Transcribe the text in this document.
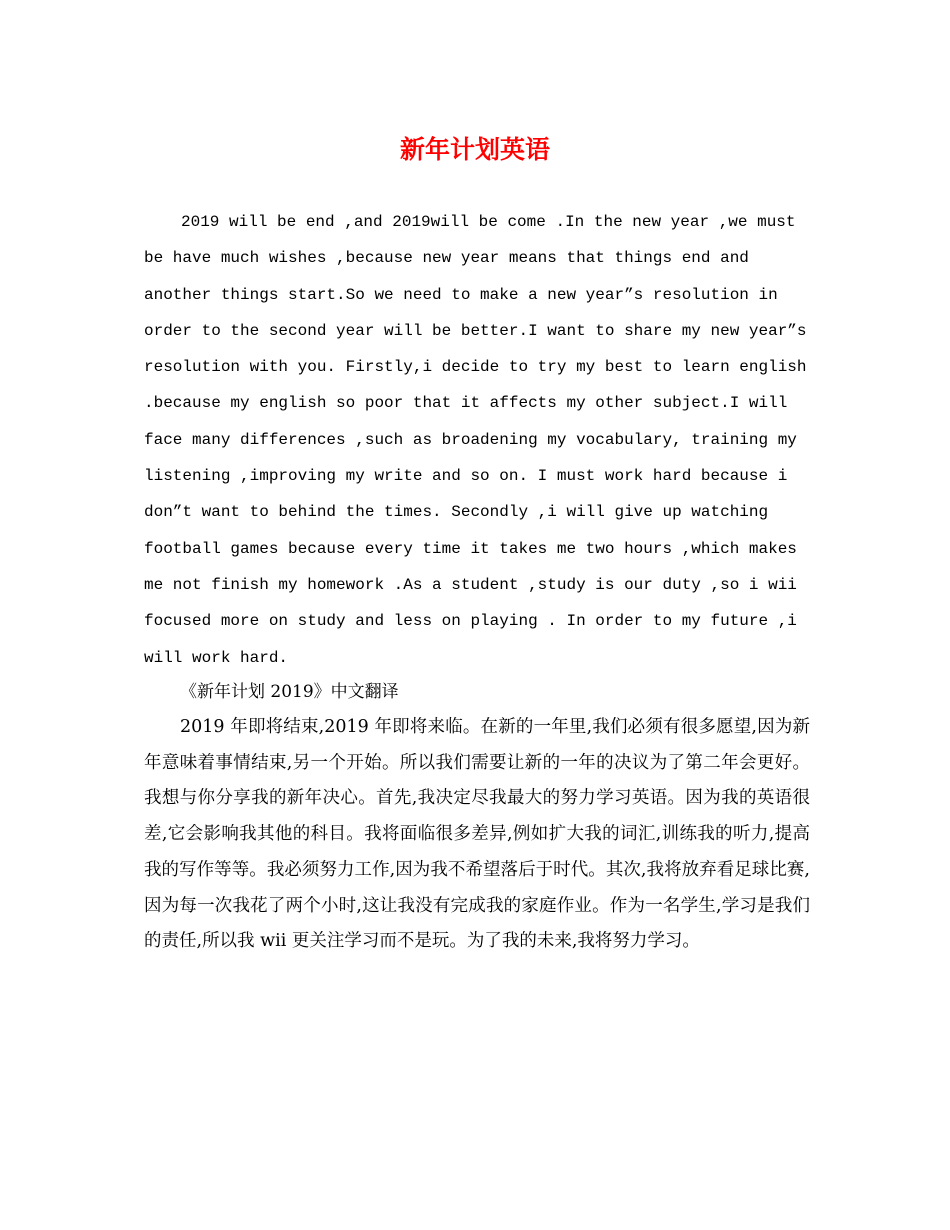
新年计划英语

2019 will be end ,and 2019will be come .In the new year ,we must be have much wishes ,because new year means that things end and another things start.So we need to make a new year”s resolution in order to the second year will be better.I want to share my new year”s resolution with you. Firstly,i decide to try my best to learn english .because my english so poor that it affects my other subject.I will face many differences ,such as broadening my vocabulary, training my listening ,improving my write and so on. I must work hard because i don”t want to behind the times. Secondly ,i will give up watching football games because every time it takes me two hours ,which makes me not finish my homework .As a student ,study is our duty ,so i wii focused more on study and less on playing . In order to my future ,i will work hard.

《新年计划 2019》中文翻译

2019 年即将结束,2019 年即将来临。在新的一年里,我们必须有很多愿望,因为新年意味着事情结束,另一个开始。所以我们需要让新的一年的决议为了第二年会更好。我想与你分享我的新年决心。首先,我决定尽我最大的努力学习英语。因为我的英语很差,它会影响我其他的科目。我将面临很多差异,例如扩大我的词汇,训练我的听力,提高我的写作等等。我必须努力工作,因为我不希望落后于时代。其次,我将放弃看足球比赛,因为每一次我花了两个小时,这让我没有完成我的家庭作业。作为一名学生,学习是我们的责任,所以我 wii 更关注学习而不是玩。为了我的未来,我将努力学习。
